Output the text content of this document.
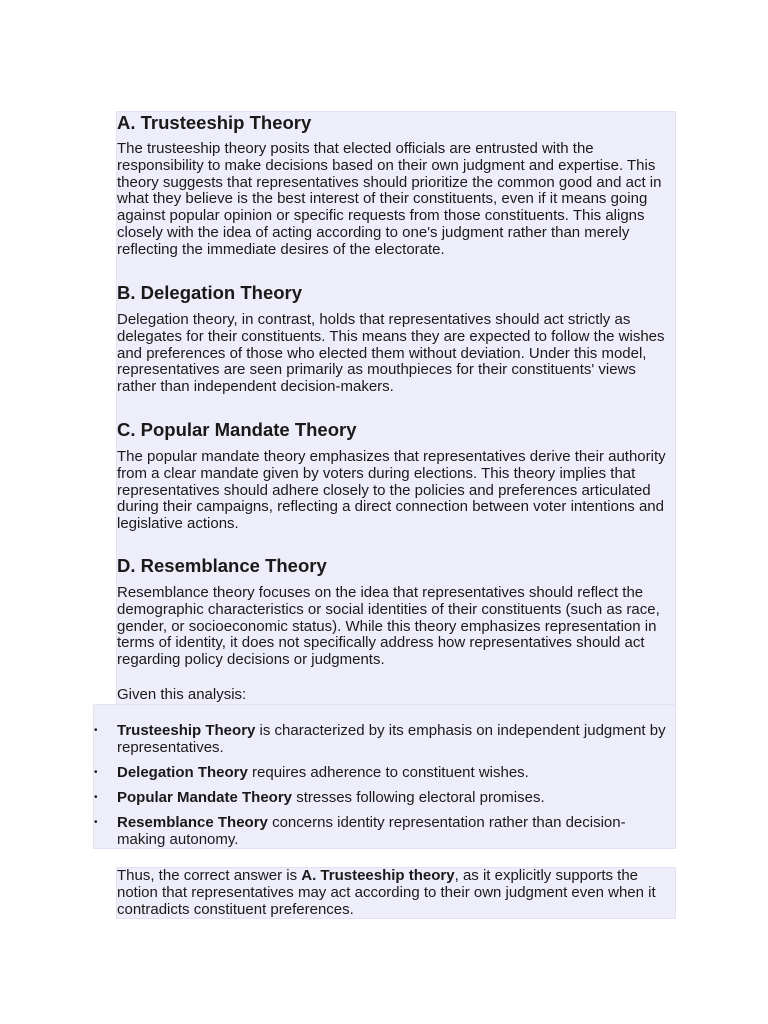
A. Trusteeship Theory

The trusteeship theory posits that elected officials are entrusted with the responsibility to make decisions based on their own judgment and expertise. This theory suggests that representatives should prioritize the common good and act in what they believe is the best interest of their constituents, even if it means going against popular opinion or specific requests from those constituents. This aligns closely with the idea of acting according to one's judgment rather than merely reflecting the immediate desires of the electorate.

B. Delegation Theory

Delegation theory, in contrast, holds that representatives should act strictly as delegates for their constituents. This means they are expected to follow the wishes and preferences of those who elected them without deviation. Under this model, representatives are seen primarily as mouthpieces for their constituents' views rather than independent decision-makers.

C. Popular Mandate Theory

The popular mandate theory emphasizes that representatives derive their authority from a clear mandate given by voters during elections. This theory implies that representatives should adhere closely to the policies and preferences articulated during their campaigns, reflecting a direct connection between voter intentions and legislative actions.

D. Resemblance Theory

Resemblance theory focuses on the idea that representatives should reflect the demographic characteristics or social identities of their constituents (such as race, gender, or socioeconomic status). While this theory emphasizes representation in terms of identity, it does not specifically address how representatives should act regarding policy decisions or judgments.

Given this analysis:

•	Trusteeship Theory is characterized by its emphasis on independent judgment by representatives.
•	Delegation Theory requires adherence to constituent wishes.
•	Popular Mandate Theory stresses following electoral promises.
•	Resemblance Theory concerns identity representation rather than decision-making autonomy.

Thus, the correct answer is A. Trusteeship theory, as it explicitly supports the notion that representatives may act according to their own judgment even when it contradicts constituent preferences.
